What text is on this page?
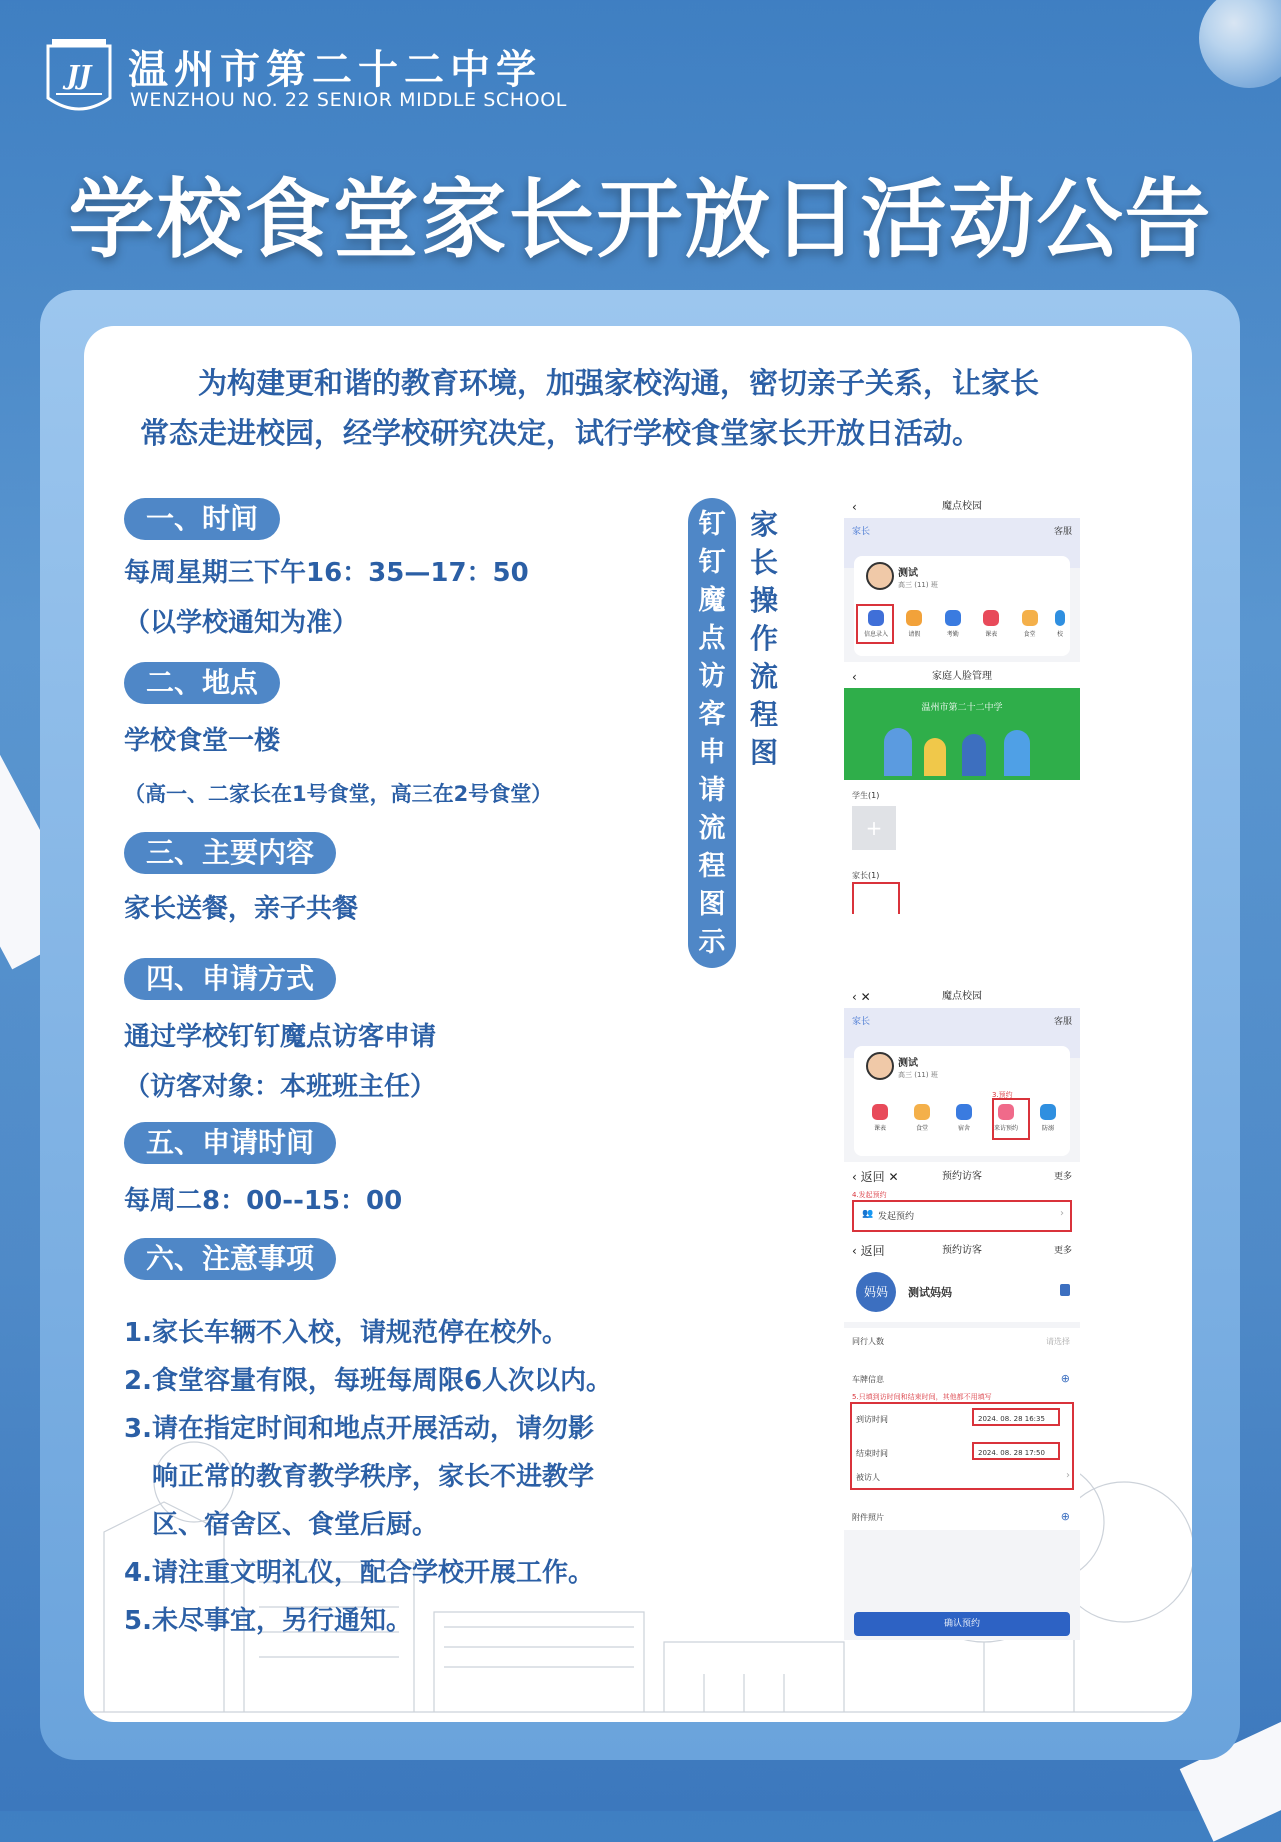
JJ 温州市第二十二中学
WENZHOU NO. 22 SENIOR MIDDLE SCHOOL
学校食堂家长开放日活动公告
为构建更和谐的教育环境，加强家校沟通，密切亲子关系，让家长
常态走进校园，经学校研究决定，试行学校食堂家长开放日活动。
一、时间
每周星期三下午16：35—17：50
（以学校通知为准）
二、地点
学校食堂一楼
（高一、二家长在1号食堂，高三在2号食堂）
三、主要内容
家长送餐，亲子共餐
四、申请方式
通过学校钉钉魔点访客申请
（访客对象：本班班主任）
五、申请时间
每周二8：00--15：00
六、注意事项
1.家长车辆不入校，请规范停在校外。
2.食堂容量有限，每班每周限6人次以内。
3.请在指定时间和地点开展活动，请勿影
响正常的教育教学秩序，家长不进教学
区、宿舍区、食堂后厨。
4.请注重文明礼仪，配合学校开展工作。
5.未尽事宜，另行通知。
钉
钉
魔
点
访
客
申
请
流
程
图
示
家
长
操
作
流
程
图
‹	魔点校园
家长	客服
测试
高三 (11) 班
信息录入	请假	考勤	课表	食堂	校
‹	家庭人脸管理
温州市第二十二中学
学生(1)
+
家长(1)
‹ ✕	魔点校园
家长	客服
测试
高三 (11) 班
3.预约
课表	食堂	宿舍	来访预约	防溺
‹ 返回 ✕	预约访客	更多
4.发起预约
👥 发起预约	›
‹ 返回	预约访客	更多
妈妈	测试妈妈
同行人数	请选择
车牌信息	⊕
5.只填到访时间和结束时间，其他都不用填写
到访时间	2024. 08. 28 16:35
结束时间	2024. 08. 28 17:50
被访人	›
附件照片	⊕
确认预约
